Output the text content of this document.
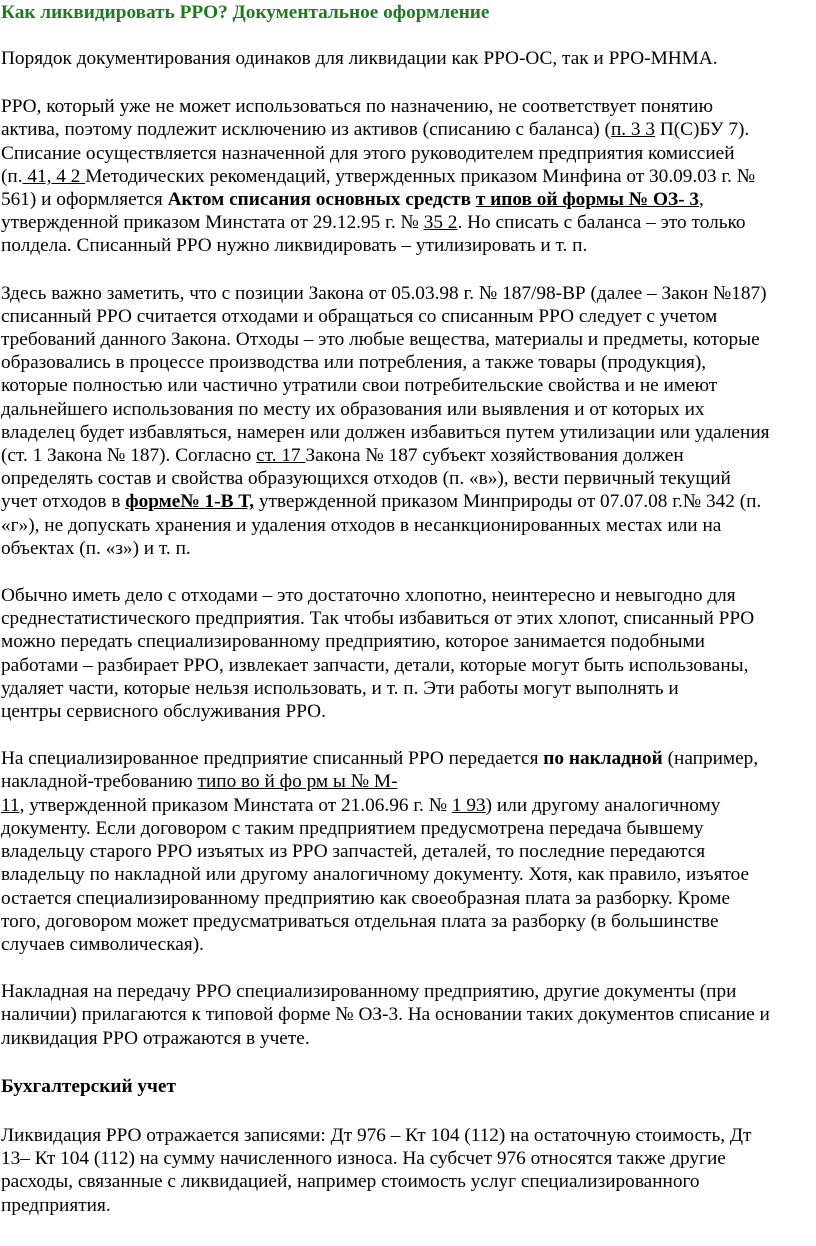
Как ликвидировать РРО? Документальное оформление

Порядок документирования одинаков для ликвидации как РРО-ОС, так и РРО-МНМА.

РРО, который уже не может использоваться по назначению, не соответствует понятию

актива, поэтому подлежит исключению из активов (списанию с баланса) (п. 3 3 П(С)БУ 7).

Списание осуществляется назначенной для этого руководителем предприятия комиссией

(п. 41, 4 2 Методических рекомендаций, утвержденных приказом Минфина от 30.09.03 г. №

561) и оформляется Актом списания основных средств т ипов ой формы № ОЗ- 3,

утвержденной приказом Минстата от 29.12.95 г. № 35 2. Но списать с баланса – это только

полдела. Списанный РРО нужно ликвидировать – утилизировать и т. п.

Здесь важно заметить, что с позиции Закона от 05.03.98 г. № 187/98-ВР (далее – Закон №187)

списанный РРО считается отходами и обращаться со списанным РРО следует с учетом

требований данного Закона. Отходы – это любые вещества, материалы и предметы, которые

образовались в процессе производства или потребления, а также товары (продукция),

которые полностью или частично утратили свои потребительские свойства и не имеют

дальнейшего использования по месту их образования или выявления и от которых их

владелец будет избавляться, намерен или должен избавиться путем утилизации или удаления

(ст. 1 Закона № 187). Согласно ст. 17 Закона № 187 субъект хозяйствования должен

определять состав и свойства образующихся отходов (п. «в»), вести первичный текущий

учет отходов в форме№ 1-В Т, утвержденной приказом Минприроды от 07.07.08 г.№ 342 (п.

«г»), не допускать хранения и удаления отходов в несанкционированных местах или на

объектах (п. «з») и т. п.

Обычно иметь дело с отходами – это достаточно хлопотно, неинтересно и невыгодно для

среднестатистического предприятия. Так чтобы избавиться от этих хлопот, списанный РРО

можно передать специализированному предприятию, которое занимается подобными

работами – разбирает РРО, извлекает запчасти, детали, которые могут быть использованы,

удаляет части, которые нельзя использовать, и т. п. Эти работы могут выполнять и

центры сервисного обслуживания РРО.

На специализированное предприятие списанный РРО передается по накладной (например,

накладной-требованию типо во й фо рм ы № М-

11, утвержденной приказом Минстата от 21.06.96 г. № 1 93) или другому аналогичному

документу. Если договором с таким предприятием предусмотрена передача бывшему

владельцу старого РРО изъятых из РРО запчастей, деталей, то последние передаются

владельцу по накладной или другому аналогичному документу. Хотя, как правило, изъятое

остается специализированному предприятию как своеобразная плата за разборку. Кроме

того, договором может предусматриваться отдельная плата за разборку (в большинстве

случаев символическая).

Накладная на передачу РРО специализированному предприятию, другие документы (при

наличии) прилагаются к типовой форме № ОЗ-3. На основании таких документов списание и

ликвидация РРО отражаются в учете.

Бухгалтерский учет

Ликвидация РРО отражается записями: Дт 976 – Кт 104 (112) на остаточную стоимость, Дт

13– Кт 104 (112) на сумму начисленного износа. На субсчет 976 относятся также другие

расходы, связанные с ликвидацией, например стоимость услуг специализированного

предприятия.
